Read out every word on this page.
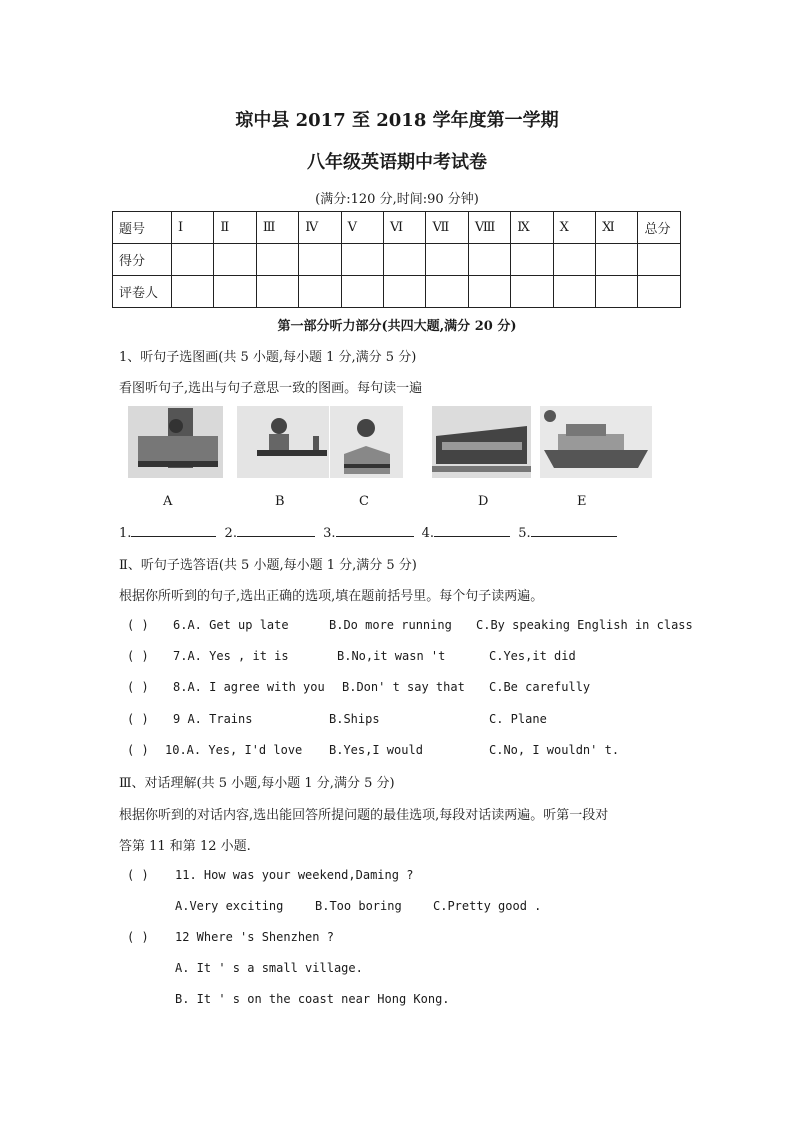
琼中县 2017 至 2018 学年度第一学期
八年级英语期中考试卷
(满分:120 分,时间:90 分钟)
题号	Ⅰ	Ⅱ	Ⅲ	Ⅳ	Ⅴ	Ⅵ	Ⅶ	Ⅷ	Ⅸ	Ⅹ	Ⅺ	总分
得分												
评卷人												
第一部分听力部分(共四大题,满分 20 分)
1、听句子选图画(共 5 小题,每小题 1 分,满分 5 分)
看图听句子,选出与句子意思一致的图画。每句读一遍
A	B	C	D	E
1.	2.	3.	4.	5.
Ⅱ、听句子选答语(共 5 小题,每小题 1 分,满分 5 分)
根据你所听到的句子,选出正确的选项,填在题前括号里。每个句子读两遍。
( ) 6.A. Get up late	B.Do more running C.By speaking English in class
( ) 7.A. Yes , it is	B.No,it wasn 't	C.Yes,it did
( ) 8.A. I agree with you B.Don' t say that C.Be carefully
( ) 9 A. Trains	B.Ships	C. Plane
( ) 10.A. Yes, I'd love B.Yes,I would	C.No, I wouldn' t.
Ⅲ、对话理解(共 5 小题,每小题 1 分,满分 5 分)
根据你听到的对话内容,选出能回答所提问题的最佳选项,每段对话读两遍。听第一段对
答第 11 和第 12 小题.
( ) 11. How was your weekend,Daming ?
A.Very exciting	B.Too boring	C.Pretty good .
( ) 12 Where 's Shenzhen ?
A. It ' s a small village.
B. It ' s on the coast near Hong Kong.
